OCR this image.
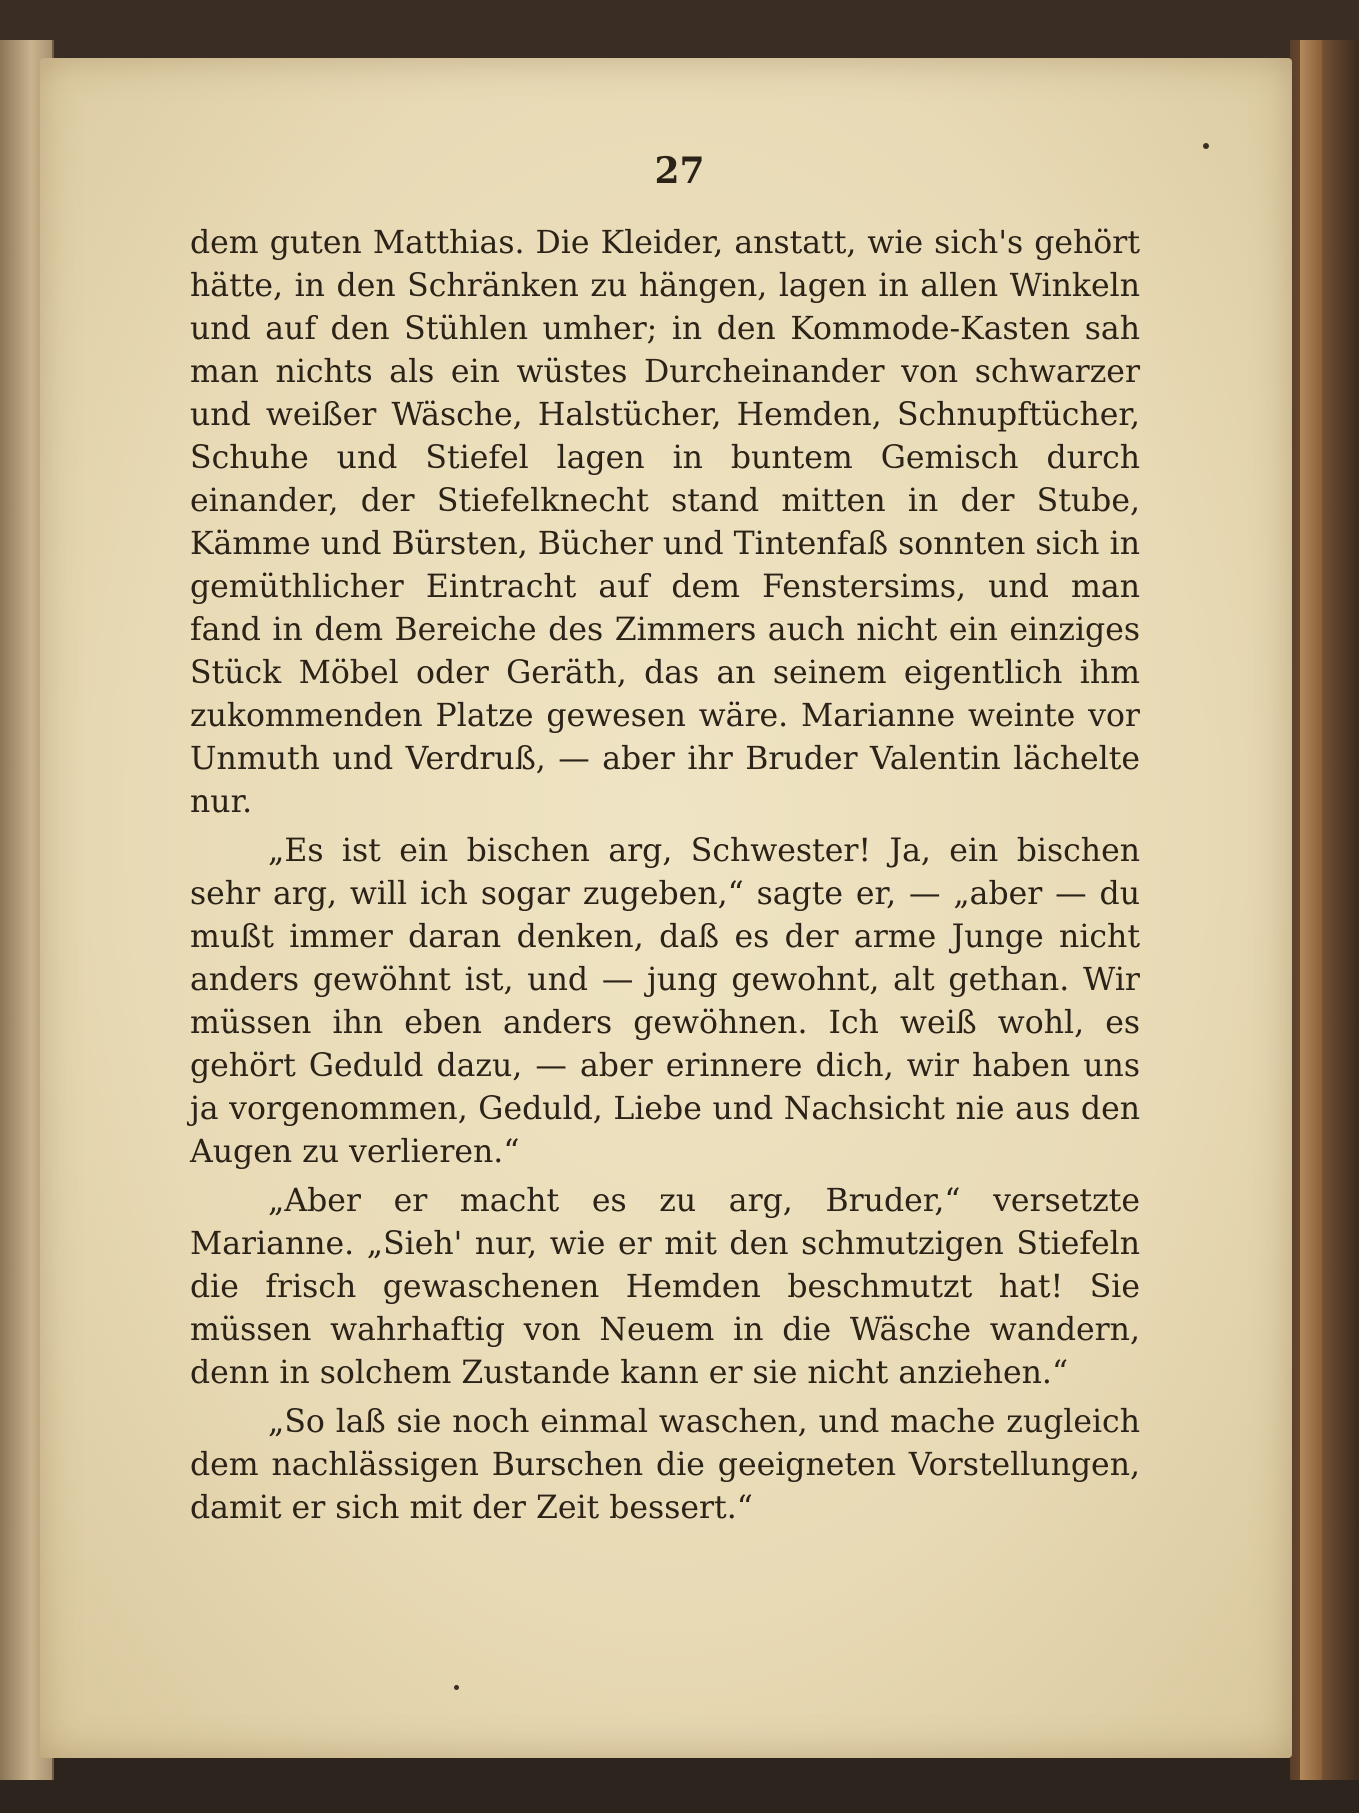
27

dem guten Matthias. Die Kleider, anstatt, wie sich's gehört hätte, in den Schränken zu hängen, lagen in allen Winkeln und auf den Stühlen umher; in den Kommode-Kasten sah man nichts als ein wüstes Durcheinander von schwarzer und weißer Wäsche, Halstücher, Hemden, Schnupftücher, Schuhe und Stiefel lagen in buntem Gemisch durch einander, der Stiefelknecht stand mitten in der Stube, Kämme und Bürsten, Bücher und Tintenfaß sonnten sich in gemüthlicher Eintracht auf dem Fenstersims, und man fand in dem Bereiche des Zimmers auch nicht ein einziges Stück Möbel oder Geräth, das an seinem eigentlich ihm zukommenden Platze gewesen wäre. Marianne weinte vor Unmuth und Verdruß, — aber ihr Bruder Valentin lächelte nur.

„Es ist ein bischen arg, Schwester! Ja, ein bischen sehr arg, will ich sogar zugeben,“ sagte er, — „aber — du mußt immer daran denken, daß es der arme Junge nicht anders gewöhnt ist, und — jung gewohnt, alt gethan. Wir müssen ihn eben anders gewöhnen. Ich weiß wohl, es gehört Geduld dazu, — aber erinnere dich, wir haben uns ja vorgenommen, Geduld, Liebe und Nachsicht nie aus den Augen zu verlieren.“

„Aber er macht es zu arg, Bruder,“ versetzte Marianne. „Sieh' nur, wie er mit den schmutzigen Stiefeln die frisch gewaschenen Hemden beschmutzt hat! Sie müssen wahrhaftig von Neuem in die Wäsche wandern, denn in solchem Zustande kann er sie nicht anziehen.“

„So laß sie noch einmal waschen, und mache zugleich dem nachlässigen Burschen die geeigneten Vorstellungen, damit er sich mit der Zeit bessert.“
